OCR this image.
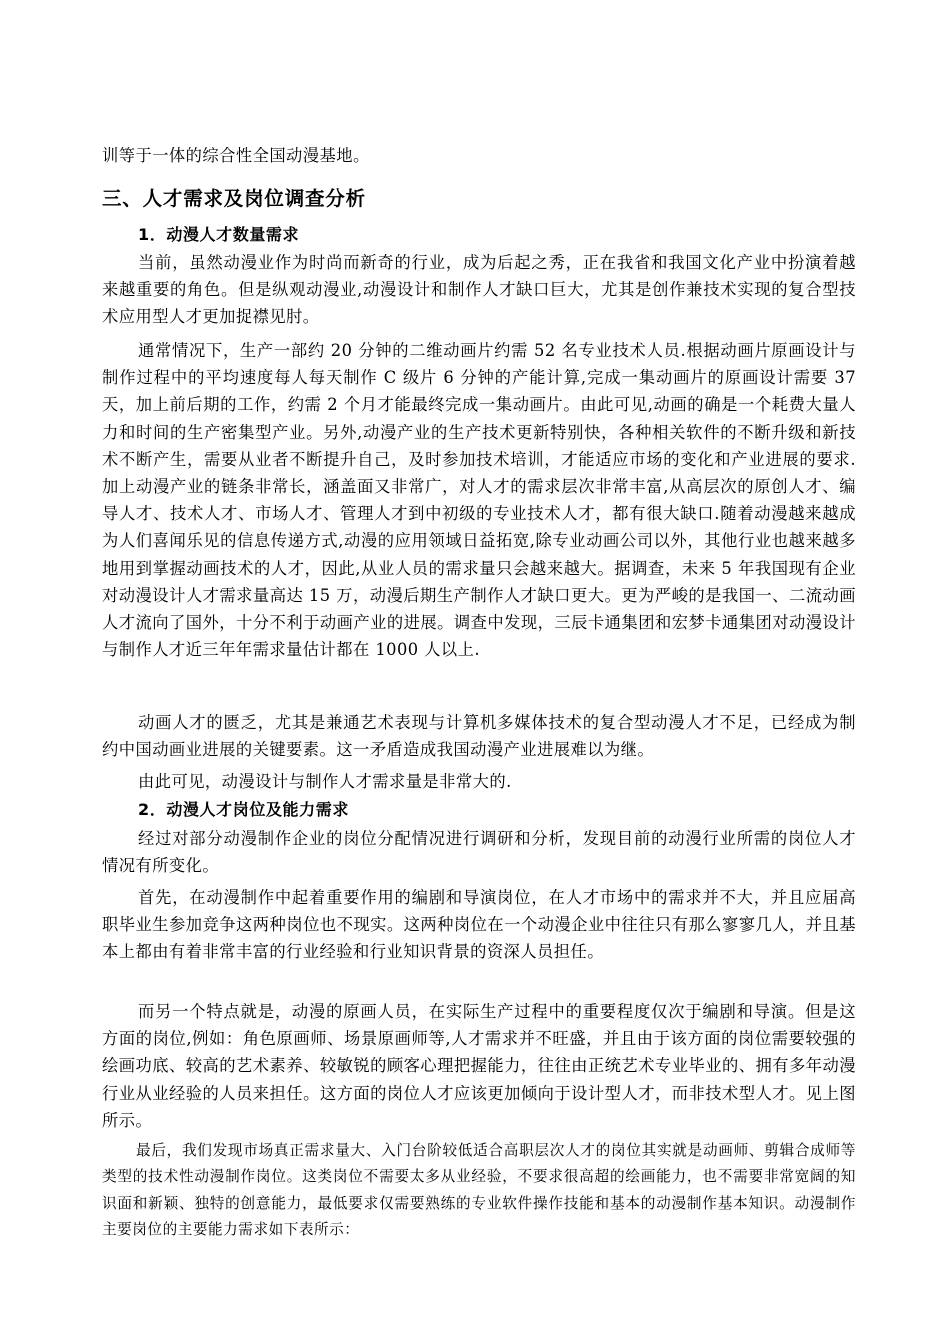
训等于一体的综合性全国动漫基地。

三、人才需求及岗位调查分析
1．动漫人才数量需求

当前，虽然动漫业作为时尚而新奇的行业，成为后起之秀，正在我省和我国文化产业中扮演着越来越重要的角色。但是纵观动漫业,动漫设计和制作人才缺口巨大，尤其是创作兼技术实现的复合型技术应用型人才更加捉襟见肘。

通常情况下，生产一部约 20 分钟的二维动画片约需 52 名专业技术人员.根据动画片原画设计与制作过程中的平均速度每人每天制作 C 级片 6 分钟的产能计算,完成一集动画片的原画设计需要 37 天，加上前后期的工作，约需 2 个月才能最终完成一集动画片。由此可见,动画的确是一个耗费大量人力和时间的生产密集型产业。另外,动漫产业的生产技术更新特别快，各种相关软件的不断升级和新技术不断产生，需要从业者不断提升自己，及时参加技术培训，才能适应市场的变化和产业进展的要求.加上动漫产业的链条非常长，涵盖面又非常广，对人才的需求层次非常丰富,从高层次的原创人才、编导人才、技术人才、市场人才、管理人才到中初级的专业技术人才，都有很大缺口.随着动漫越来越成为人们喜闻乐见的信息传递方式,动漫的应用领域日益拓宽,除专业动画公司以外，其他行业也越来越多地用到掌握动画技术的人才，因此,从业人员的需求量只会越来越大。据调查，未来 5 年我国现有企业对动漫设计人才需求量高达 15 万，动漫后期生产制作人才缺口更大。更为严峻的是我国一、二流动画人才流向了国外，十分不利于动画产业的进展。调查中发现，三辰卡通集团和宏梦卡通集团对动漫设计与制作人才近三年年需求量估计都在 1000 人以上.

动画人才的匮乏，尤其是兼通艺术表现与计算机多媒体技术的复合型动漫人才不足，已经成为制约中国动画业进展的关键要素。这一矛盾造成我国动漫产业进展难以为继。

由此可见，动漫设计与制作人才需求量是非常大的.

2．动漫人才岗位及能力需求

经过对部分动漫制作企业的岗位分配情况进行调研和分析，发现目前的动漫行业所需的岗位人才情况有所变化。

首先，在动漫制作中起着重要作用的编剧和导演岗位，在人才市场中的需求并不大，并且应届高职毕业生参加竞争这两种岗位也不现实。这两种岗位在一个动漫企业中往往只有那么寥寥几人，并且基本上都由有着非常丰富的行业经验和行业知识背景的资深人员担任。

而另一个特点就是，动漫的原画人员，在实际生产过程中的重要程度仅次于编剧和导演。但是这方面的岗位,例如：角色原画师、场景原画师等,人才需求并不旺盛，并且由于该方面的岗位需要较强的绘画功底、较高的艺术素养、较敏锐的顾客心理把握能力，往往由正统艺术专业毕业的、拥有多年动漫行业从业经验的人员来担任。这方面的岗位人才应该更加倾向于设计型人才，而非技术型人才。见上图所示。

最后，我们发现市场真正需求量大、入门台阶较低适合高职层次人才的岗位其实就是动画师、剪辑合成师等类型的技术性动漫制作岗位。这类岗位不需要太多从业经验，不要求很高超的绘画能力，也不需要非常宽阔的知识面和新颖、独特的创意能力，最低要求仅需要熟练的专业软件操作技能和基本的动漫制作基本知识。动漫制作主要岗位的主要能力需求如下表所示：
